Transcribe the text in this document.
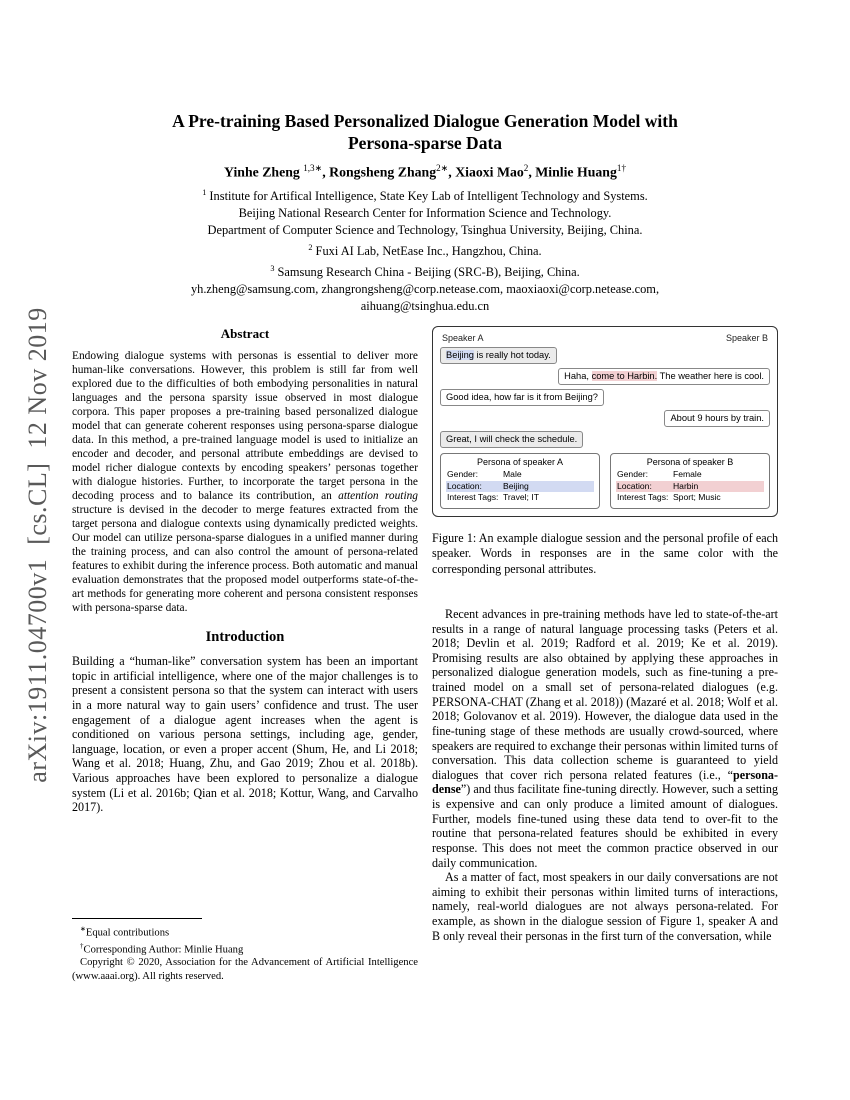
arXiv:1911.04700v1  [cs.CL]  12 Nov 2019
A Pre-training Based Personalized Dialogue Generation Model with
Persona-sparse Data
Yinhe Zheng $^{1,3∗}$, Rongsheng Zhang$^{2∗}$, Xiaoxi Mao$^2$, Minlie Huang$^{1\dagger}$
$^1$ Institute for Artifical Intelligence, State Key Lab of Intelligent Technology and Systems.
Beijing National Research Center for Information Science and Technology.
Department of Computer Science and Technology, Tsinghua University, Beijing, China.
$^2$ Fuxi AI Lab, NetEase Inc., Hangzhou, China.
$^3$ Samsung Research China - Beijing (SRC-B), Beijing, China.
yh.zheng@samsung.com, zhangrongsheng@corp.netease.com, maoxiaoxi@corp.netease.com,
aihuang@tsinghua.edu.cn
Abstract

Endowing dialogue systems with personas is essential to deliver more human-like conversations. However, this problem is still far from well explored due to the difficulties of both embodying personalities in natural languages and the persona sparsity issue observed in most dialogue corpora. This paper proposes a pre-training based personalized dialogue model that can generate coherent responses using persona-sparse dialogue data. In this method, a pre-trained language model is used to initialize an encoder and decoder, and personal attribute embeddings are devised to model richer dialogue contexts by encoding speakers’ personas together with dialogue histories. Further, to incorporate the target persona in the decoding process and to balance its contribution, an attention routing structure is devised in the decoder to merge features extracted from the target persona and dialogue contexts using dynamically predicted weights. Our model can utilize persona-sparse dialogues in a unified manner during the training process, and can also control the amount of persona-related features to exhibit during the inference process. Both automatic and manual evaluation demonstrates that the proposed model outperforms state-of-the-art methods for generating more coherent and persona consistent responses with persona-sparse data.

Introduction

Building a “human-like” conversation system has been an important topic in artificial intelligence, where one of the major challenges is to present a consistent persona so that the system can interact with users in a more natural way to gain users’ confidence and trust. The user engagement of a dialogue agent increases when the agent is conditioned on various persona settings, including age, gender, language, location, or even a proper accent (Shum, He, and Li 2018; Wang et al. 2018; Huang, Zhu, and Gao 2019; Zhou et al. 2018b). Various approaches have been explored to personalize a dialogue system (Li et al. 2016b; Qian et al. 2018; Kottur, Wang, and Carvalho 2017).

∗Equal contributions
†Corresponding Author: Minlie Huang
Copyright © 2020, Association for the Advancement of Artificial Intelligence (www.aaai.org). All rights reserved.
Speaker A	Speaker B
Beijing is really hot today.
Haha, come to Harbin. The weather here is cool.
Good idea, how far is it from Beijing?
About 9 hours by train.
Great, I will check the schedule.
Persona of speaker A
Gender:	Male
Location:	Beijing
Interest Tags: Travel; IT
Persona of speaker B
Gender:	Female
Location:	Harbin
Interest Tags: Sport; Music
Figure 1: An example dialogue session and the personal profile of each speaker. Words in responses are in the same color with the corresponding personal attributes.

Recent advances in pre-training methods have led to state-of-the-art results in a range of natural language processing tasks (Peters et al. 2018; Devlin et al. 2019; Radford et al. 2019; Ke et al. 2019). Promising results are also obtained by applying these approaches in personalized dialogue generation models, such as fine-tuning a pre-trained model on a small set of persona-related dialogues (e.g. PERSONA-CHAT (Zhang et al. 2018)) (Mazaré et al. 2018; Wolf et al. 2018; Golovanov et al. 2019). However, the dialogue data used in the fine-tuning stage of these methods are usually crowd-sourced, where speakers are required to exchange their personas within limited turns of conversation. This data collection scheme is guaranteed to yield dialogues that cover rich persona related features (i.e., “persona-dense”) and thus facilitate fine-tuning directly. However, such a setting is expensive and can only produce a limited amount of dialogues. Further, models fine-tuned using these data tend to over-fit to the routine that persona-related features should be exhibited in every response. This does not meet the common practice observed in our daily communication.

As a matter of fact, most speakers in our daily conversations are not aiming to exhibit their personas within limited turns of interactions, namely, real-world dialogues are not always persona-related. For example, as shown in the dialogue session of Figure 1, speaker A and B only reveal their personas in the first turn of the conversation, while
